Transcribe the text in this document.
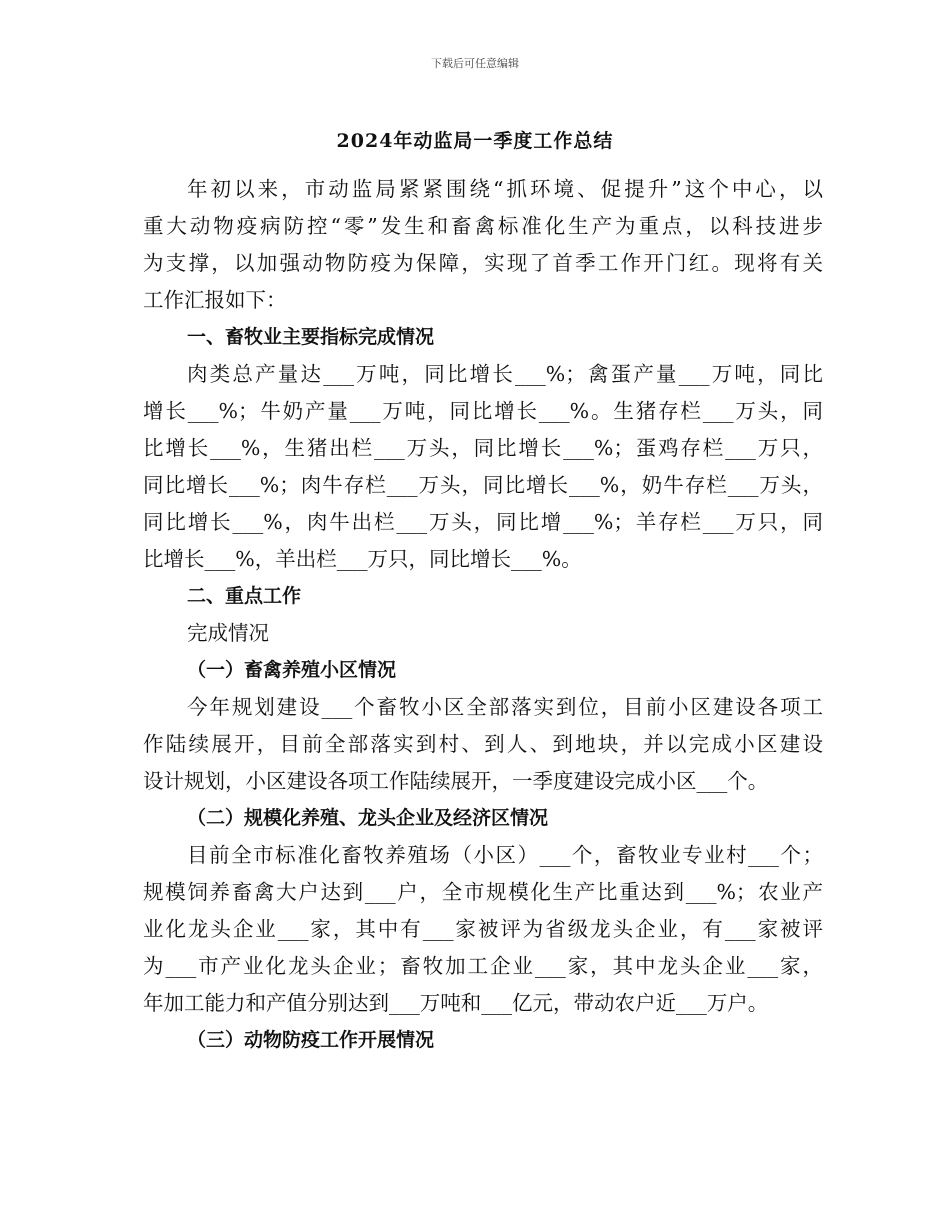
下载后可任意编辑
2024年动监局一季度工作总结
年初以来，市动监局紧紧围绕“抓环境、促提升”这个中心，以
重大动物疫病防控“零”发生和畜禽标准化生产为重点，以科技进步
为支撑，以加强动物防疫为保障，实现了首季工作开门红。现将有关
工作汇报如下：
一、畜牧业主要指标完成情况
肉类总产量达___万吨，同比增长___%；禽蛋产量___万吨，同比
增长___%；牛奶产量___万吨，同比增长___%。生猪存栏___万头，同
比增长___%，生猪出栏___万头，同比增长___%；蛋鸡存栏___万只，
同比增长___%；肉牛存栏___万头，同比增长___%，奶牛存栏___万头，
同比增长___%，肉牛出栏___万头，同比增___%；羊存栏___万只，同
比增长___%，羊出栏___万只，同比增长___%。
二、重点工作
完成情况
（一）畜禽养殖小区情况
今年规划建设___个畜牧小区全部落实到位，目前小区建设各项工
作陆续展开，目前全部落实到村、到人、到地块，并以完成小区建设
设计规划，小区建设各项工作陆续展开，一季度建设完成小区___个。
（二）规模化养殖、龙头企业及经济区情况
目前全市标准化畜牧养殖场（小区）___个，畜牧业专业村___个；
规模饲养畜禽大户达到___户，全市规模化生产比重达到___%；农业产
业化龙头企业___家，其中有___家被评为省级龙头企业，有___家被评
为___市产业化龙头企业；畜牧加工企业___家，其中龙头企业___家，
年加工能力和产值分别达到___万吨和___亿元，带动农户近___万户。
（三）动物防疫工作开展情况
